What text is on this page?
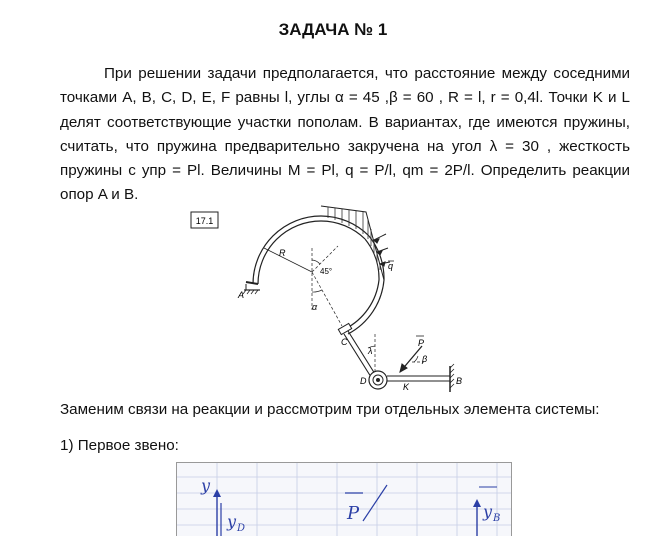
ЗАДАЧА № 1
При решении задачи предполагается, что расстояние между соседними
точками A, B, C, D, E, F равны l, углы α = 45 ,β = 60 , R = l, r = 0,4l. Точки K и L
делят соответствующие участки пополам. В вариантах, где имеются пружины,
считать, что пружина предварительно закручена на угол λ = 30 , жесткость
пружины с упр = Pl. Величины M = Pl, q = P/l, qm = 2P/l. Определить реакции
опор A и B.
17.1
A
q
R
45°
α
C
λ
D
K
B
P
β
Заменим связи на реакции и рассмотрим три отдельных элемента системы:
1) Первое звено:
y
y D
P	y B
